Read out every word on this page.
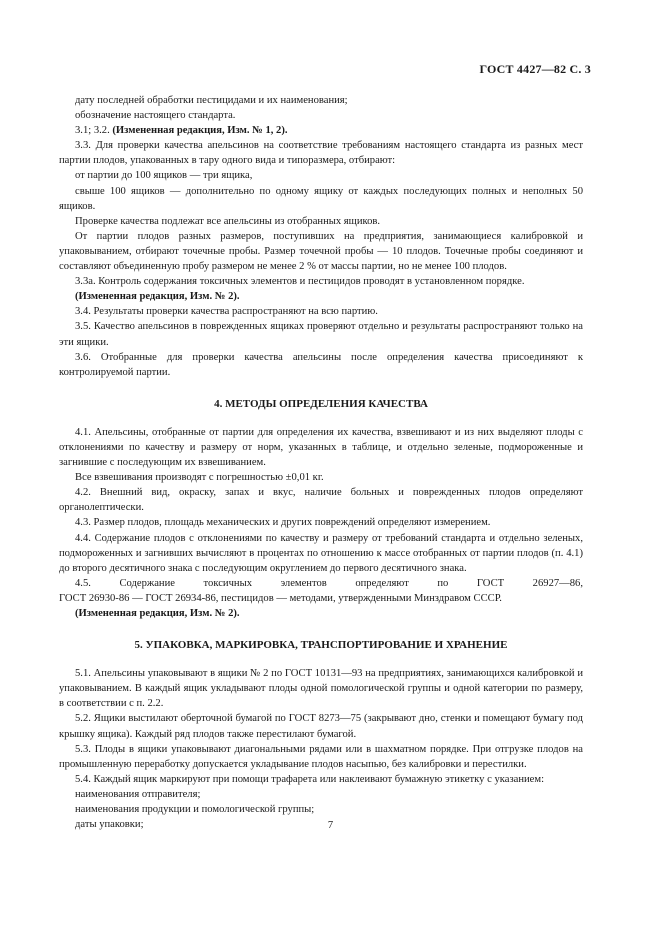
ГОСТ 4427—82 С. 3

дату последней обработки пестицидами и их наименования;

обозначение настоящего стандарта.

3.1; 3.2. (Измененная редакция, Изм. № 1, 2).

3.3. Для проверки качества апельсинов на соответствие требованиям настоящего стандарта из разных мест партии плодов, упакованных в тару одного вида и типоразмера, отбирают:

от партии до 100 ящиков — три ящика,

свыше 100 ящиков — дополнительно по одному ящику от каждых последующих полных и неполных 50 ящиков.

Проверке качества подлежат все апельсины из отобранных ящиков.

От партии плодов разных размеров, поступивших на предприятия, занимающиеся калибровкой и упаковыванием, отбирают точечные пробы. Размер точечной пробы — 10 плодов. Точечные пробы соединяют и составляют объединенную пробу размером не менее 2 % от массы партии, но не менее 100 плодов.

3.3а. Контроль содержания токсичных элементов и пестицидов проводят в установленном порядке.

(Измененная редакция, Изм. № 2).

3.4. Результаты проверки качества распространяют на всю партию.

3.5. Качество апельсинов в поврежденных ящиках проверяют отдельно и результаты распространяют только на эти ящики.

3.6. Отобранные для проверки качества апельсины после определения качества присоединяют к контролируемой партии.

4. МЕТОДЫ ОПРЕДЕЛЕНИЯ КАЧЕСТВА

4.1. Апельсины, отобранные от партии для определения их качества, взвешивают и из них выделяют плоды с отклонениями по качеству и размеру от норм, указанных в таблице, и отдельно зеленые, подмороженные и загнившие с последующим их взвешиванием.

Все взвешивания производят с погрешностью ±0,01 кг.

4.2. Внешний вид, окраску, запах и вкус, наличие больных и поврежденных плодов определяют органолептически.

4.3. Размер плодов, площадь механических и других повреждений определяют измерением.

4.4. Содержание плодов с отклонениями по качеству и размеру от требований стандарта и отдельно зеленых, подмороженных и загнивших вычисляют в процентах по отношению к массе отобранных от партии плодов (п. 4.1) до второго десятичного знака с последующим округлением до первого десятичного знака.

4.5. Содержание токсичных элементов определяют по ГОСТ 26927—86,

ГОСТ 26930-86 — ГОСТ 26934-86, пестицидов — методами, утвержденными Минздравом СССР.

(Измененная редакция, Изм. № 2).

5. УПАКОВКА, МАРКИРОВКА, ТРАНСПОРТИРОВАНИЕ И ХРАНЕНИЕ

5.1. Апельсины упаковывают в ящики № 2 по ГОСТ 10131—93 на предприятиях, занимающихся калибровкой и упаковыванием. В каждый ящик укладывают плоды одной помологической группы и одной категории по размеру, в соответствии с п. 2.2.

5.2. Ящики выстилают оберточной бумагой по ГОСТ 8273—75 (закрывают дно, стенки и помещают бумагу под крышку ящика). Каждый ряд плодов также перестилают бумагой.

5.3. Плоды в ящики упаковывают диагональными рядами или в шахматном порядке. При отгрузке плодов на промышленную переработку допускается укладывание плодов насыпью, без калибровки и перестилки.

5.4. Каждый ящик маркируют при помощи трафарета или наклеивают бумажную этикетку с указанием:

наименования отправителя;

наименования продукции и помологической группы;

даты упаковки;	7
